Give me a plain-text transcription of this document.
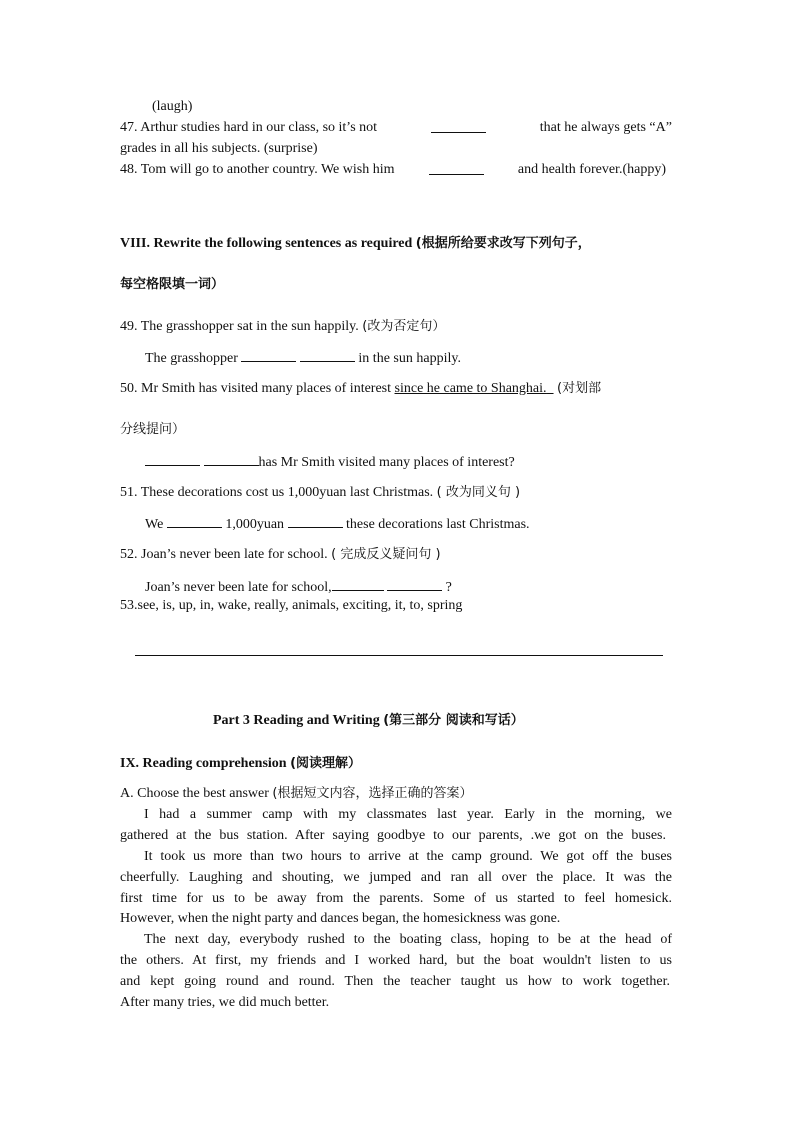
(laugh)
47. Arthur studies hard in our class, so it’s not	that he always gets “A”
grades in all his subjects. (surprise)
48. Tom will go to another country. We wish him	and health forever.(happy)
VIII. Rewrite the following sentences as required (根据所给要求改写下列句子，
每空格限填一词）
49. The grasshopper sat in the sun happily. (改为否定句）
The grasshopper	in the sun happily.
50. Mr Smith has visited many places of interest since he came to Shanghai. (对划部
分线提问）
has Mr Smith visited many places of interest?
51. These decorations cost us 1,000yuan last Christmas. ( 改为同义句 )
We	1,000yuan	these decorations last Christmas.
52. Joan’s never been late for school. ( 完成反义疑问句 )
Joan’s never been late for school,	?
53.see, is, up, in, wake, really, animals, exciting, it, to, spring
Part 3 Reading and Writing (第三部分 阅读和写话）
IX. Reading comprehension (阅读理解）
A. Choose the best answer (根据短文内容，选择正确的答案）
I had a summer camp with my classmates last year. Early in the morning, we
gathered at the bus station. After saying goodbye to our parents, .we got on the buses.
It took us more than two hours to arrive at the camp ground. We got off the buses
cheerfully. Laughing and shouting, we jumped and ran all over the place. It was the
first time for us to be away from the parents. Some of us started to feel homesick.
However, when the night party and dances began, the homesickness was gone.
The next day, everybody rushed to the boating class, hoping to be at the head of
the others. At first, my friends and I worked hard, but the boat wouldn't listen to us
and kept going round and round. Then the teacher taught us how to work together.
After many tries, we did much better.
